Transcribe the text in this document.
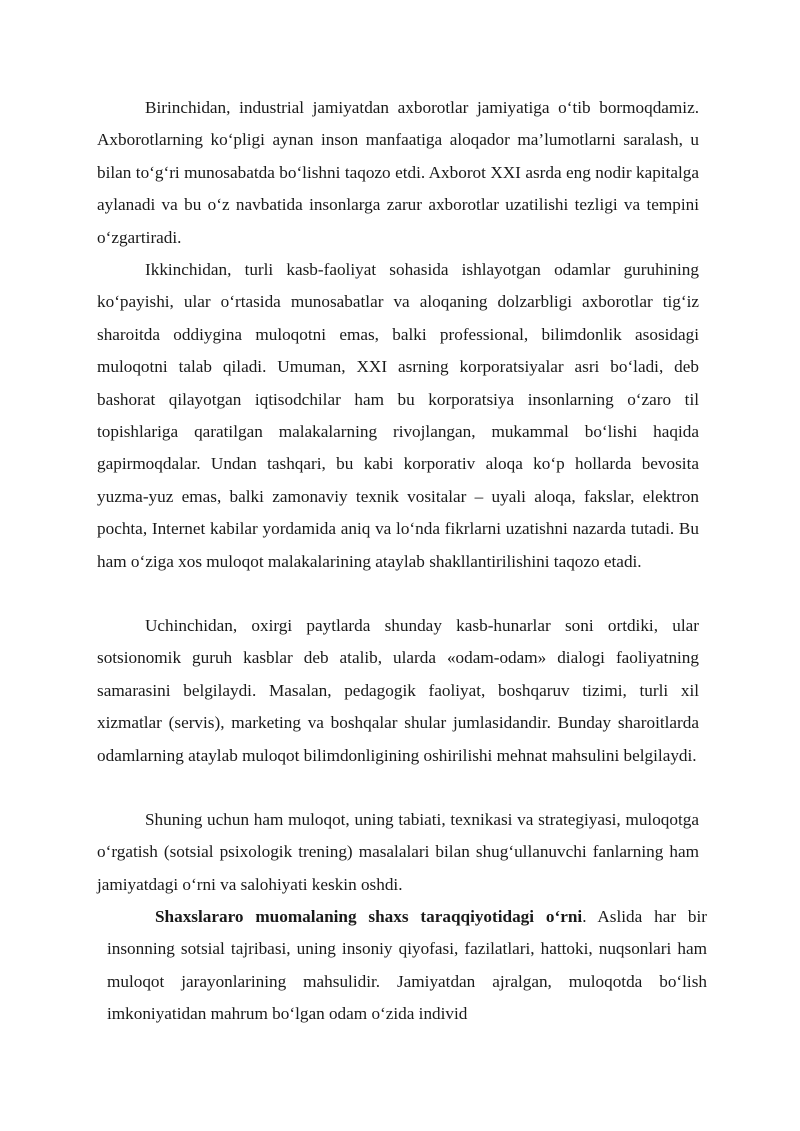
Birinchidan, industrial jamiyatdan axborotlar jamiyatiga o‘tib bormoqdamiz. Axborotlarning ko‘pligi aynan inson manfaatiga aloqador ma’lumotlarni saralash, u bilan to‘g‘ri munosabatda bo‘lishni taqozo etdi. Axborot XXI asrda eng nodir kapitalga aylanadi va bu o‘z navbatida insonlarga zarur axborotlar uzatilishi tezligi va tempini o‘zgartiradi.

Ikkinchidan, turli kasb-faoliyat sohasida ishlayotgan odamlar guruhining ko‘payishi, ular o‘rtasida munosabatlar va aloqaning dolzarbligi axborotlar tig‘iz sharoitda oddiygina muloqotni emas, balki professional, bilimdonlik asosidagi muloqotni talab qiladi. Umuman, XXI asrning korporatsiyalar asri bo‘ladi, deb bashorat qilayotgan iqtisodchilar ham bu korporatsiya insonlarning o‘zaro til topishlariga qaratilgan malakalarning rivojlangan, mukammal bo‘lishi haqida gapirmoqdalar. Undan tashqari, bu kabi korporativ aloqa ko‘p hollarda bevosita yuzma-yuz emas, balki zamonaviy texnik vositalar – uyali aloqa, fakslar, elektron pochta, Internet kabilar yordamida aniq va lo‘nda fikrlarni uzatishni nazarda tutadi. Bu ham o‘ziga xos muloqot malakalarining ataylab shakllantirilishini taqozo etadi.

Uchinchidan, oxirgi paytlarda shunday kasb-hunarlar soni ortdiki, ular sotsionomik guruh kasblar deb atalib, ularda «odam-odam» dialogi faoliyatning samarasini belgilaydi. Masalan, pedagogik faoliyat, boshqaruv tizimi, turli xil xizmatlar (servis), marketing va boshqalar shular jumlasidandir. Bunday sharoitlarda odamlarning ataylab muloqot bilimdonligining oshirilishi mehnat mahsulini belgilaydi.

Shuning uchun ham muloqot, uning tabiati, texnikasi va strategiyasi, muloqotga o‘rgatish (sotsial psixologik trening) masalalari bilan shug‘ullanuvchi fanlarning ham jamiyatdagi o‘rni va salohiyati keskin oshdi.

Shaxslararo muomalaning shaxs taraqqiyotidagi o‘rni. Aslida har bir insonning sotsial tajribasi, uning insoniy qiyofasi, fazilatlari, hattoki, nuqsonlari ham muloqot jarayonlarining mahsulidir. Jamiyatdan ajralgan, muloqotda bo‘lish imkoniyatidan mahrum bo‘lgan odam o‘zida individ
